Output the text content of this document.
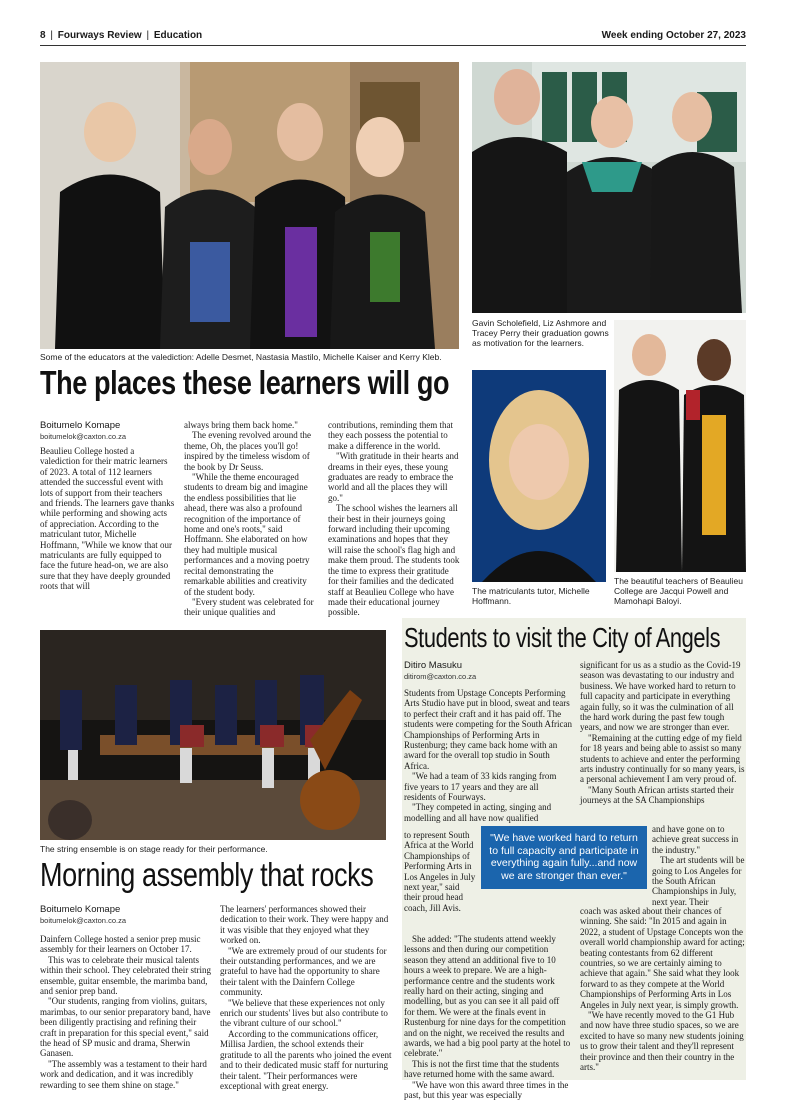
8 | Fourways Review | Education	Week ending October 27, 2023
Some of the educators at the valediction: Adelle Desmet, Nastasia Mastilo, Michelle Kaiser and Kerry Kleb.
Gavin Scholefield, Liz Ashmore and Tracey Perry their graduation gowns as motivation for the learners.
The matriculants tutor, Michelle Hoffmann.
The beautiful teachers of Beaulieu College are Jacqui Powell and Mamohapi Baloyi.
The places these learners will go
Boitumelo Komape
boitumelok@caxton.co.za

Beaulieu College hosted a valediction for their matric learners of 2023. A total of 112 learners attended the successful event with lots of support from their teachers and friends. The learners gave thanks while performing and showing acts of appreciation. According to the matriculant tutor, Michelle Hoffmann, "While we know that our matriculants are fully equipped to face the future head-on, we are also sure that they have deeply grounded roots that will

always bring them back home."

The evening revolved around the theme, Oh, the places you'll go! inspired by the timeless wisdom of the book by Dr Seuss.

"While the theme encouraged students to dream big and imagine the endless possibilities that lie ahead, there was also a profound recognition of the importance of home and one's roots," said Hoffmann. She elaborated on how they had multiple musical performances and a moving poetry recital demonstrating the remarkable abilities and creativity of the student body.

"Every student was celebrated for their unique qualities and

contributions, reminding them that they each possess the potential to make a difference in the world.

"With gratitude in their hearts and dreams in their eyes, these young graduates are ready to embrace the world and all the places they will go."

The school wishes the learners all their best in their journeys going forward including their upcoming examinations and hopes that they will raise the school's flag high and make them proud. The students took the time to express their gratitude for their families and the dedicated staff at Beaulieu College who have made their educational journey possible.

The string ensemble is on stage ready for their performance.
Morning assembly that rocks
Boitumelo Komape
boitumelok@caxton.co.za

Dainfern College hosted a senior prep music assembly for their learners on October 17.

This was to celebrate their musical talents within their school. They celebrated their string ensemble, guitar ensemble, the marimba band, and senior prep band.

"Our students, ranging from violins, guitars, marimbas, to our senior preparatory band, have been diligently practising and refining their craft in preparation for this special event," said the head of SP music and drama, Sherwin Ganasen.

"The assembly was a testament to their hard work and dedication, and it was incredibly rewarding to see them shine on stage."

The learners' performances showed their dedication to their work. They were happy and it was visible that they enjoyed what they worked on.

"We are extremely proud of our students for their outstanding performances, and we are grateful to have had the opportunity to share their talent with the Dainfern College community.

"We believe that these experiences not only enrich our students' lives but also contribute to the vibrant culture of our school."

According to the communications officer, Millisa Jardien, the school extends their gratitude to all the parents who joined the event and to their dedicated music staff for nurturing their talent. "Their performances were exceptional with great energy.

Students to visit the City of Angels
Ditiro Masuku
ditirom@caxton.co.za

Students from Upstage Concepts Performing Arts Studio have put in blood, sweat and tears to perfect their craft and it has paid off. The students were competing for the South African Championships of Performing Arts in Rustenburg; they came back home with an award for the overall top studio in South Africa.

"We had a team of 33 kids ranging from five years to 17 years and they are all residents of Fourways.

"They competed in acting, singing and modelling and all have now qualified

to represent South Africa at the World Championships of Performing Arts in Los Angeles in July next year," said their proud head coach, Jill Avis.

She added: "The students attend weekly lessons and then during our competition season they attend an additional five to 10 hours a week to prepare. We are a high-performance centre and the students work really hard on their acting, singing and modelling, but as you can see it all paid off for them. We were at the finals event in Rustenburg for nine days for the competition and on the night, we received the results and awards, we had a big pool party at the hotel to celebrate."

This is not the first time that the students have returned home with the same award.

"We have won this award three times in the past, but this year was especially

significant for us as a studio as the Covid-19 season was devastating to our industry and business. We have worked hard to return to full capacity and participate in everything again fully, so it was the culmination of all the hard work during the past few tough years, and now we are stronger than ever.

"Remaining at the cutting edge of my field for 18 years and being able to assist so many students to achieve and enter the performing arts industry continually for so many years, is a personal achievement I am very proud of.

"Many South African artists started their journeys at the SA Championships

and have gone on to achieve great success in the industry."

The art students will be going to Los Angeles for the South African Championships in July, next year. Their

coach was asked about their chances of winning. She said: "In 2015 and again in 2022, a student of Upstage Concepts won the overall world championship award for acting; beating contestants from 62 different countries, so we are certainly aiming to achieve that again." She said what they look forward to as they compete at the World Championships of Performing Arts in Los Angeles in July next year, is simply growth.

"We have recently moved to the G1 Hub and now have three studio spaces, so we are excited to have so many new students joining us to grow their talent and they'll represent their province and then their country in the arts."

"We have worked hard to return to full capacity and participate in everything again fully...and now we are stronger than ever."
